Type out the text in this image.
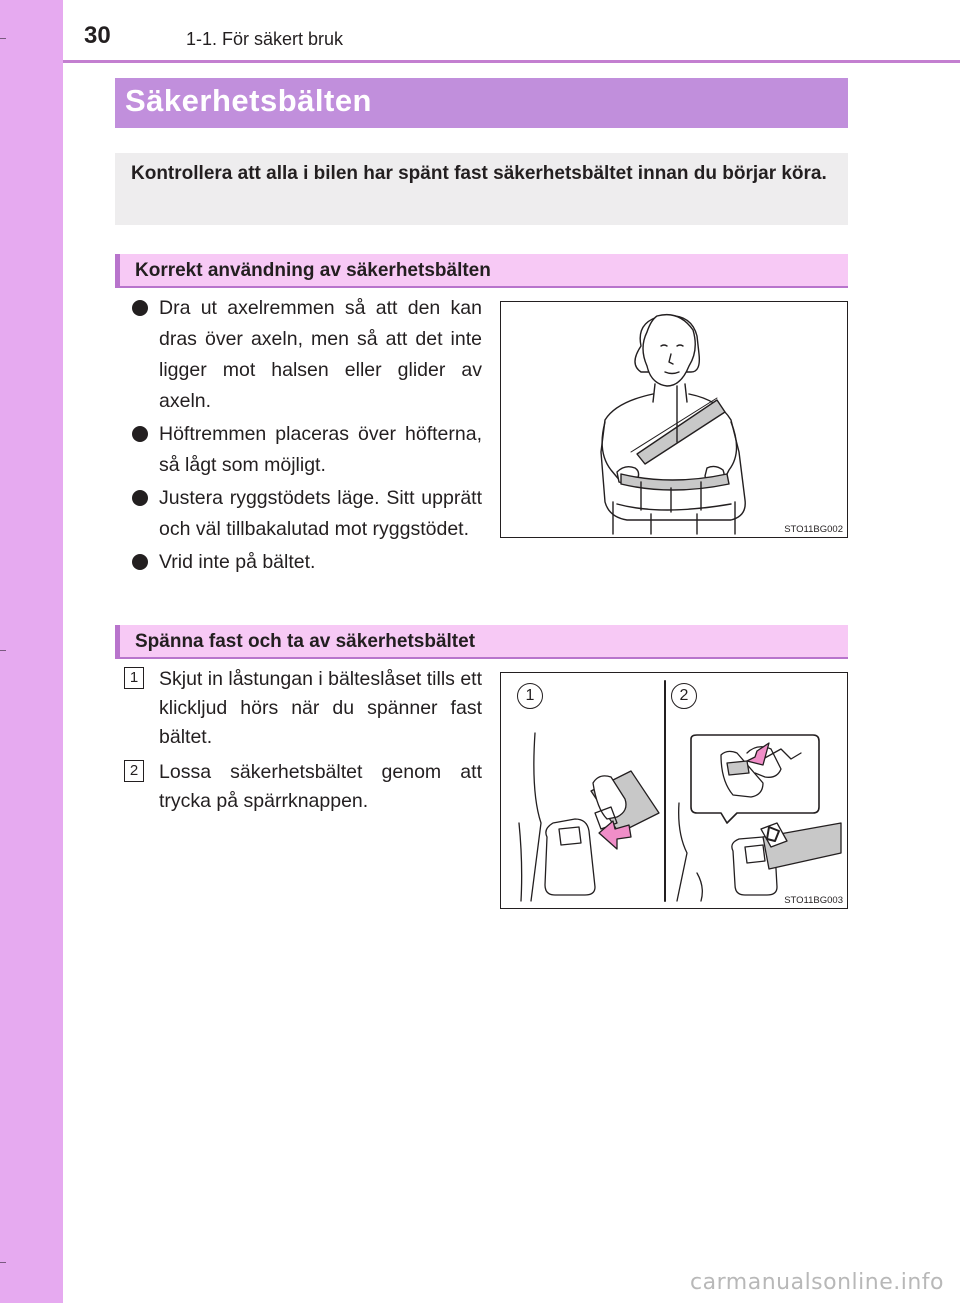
30	1-1. För säkert bruk
Säkerhetsbälten
Kontrollera att alla i bilen har spänt fast säkerhetsbältet innan du börjar köra.
Korrekt användning av säkerhetsbälten
Dra ut axelremmen så att den kan dras över axeln, men så att det inte ligger mot halsen eller glider av axeln.
Höftremmen placeras över höfterna, så lågt som möjligt.
Justera ryggstödets läge. Sitt upprätt och väl tillbakalutad mot ryggstödet.
Vrid inte på bältet.
STO11BG002
Spänna fast och ta av säkerhetsbältet
1 Skjut in låstungan i bälteslåset tills ett klickljud hörs när du spänner fast bältet.
2 Lossa säkerhetsbältet genom att trycka på spärrknappen.
1	2
STO11BG003
carmanualsonline.info
